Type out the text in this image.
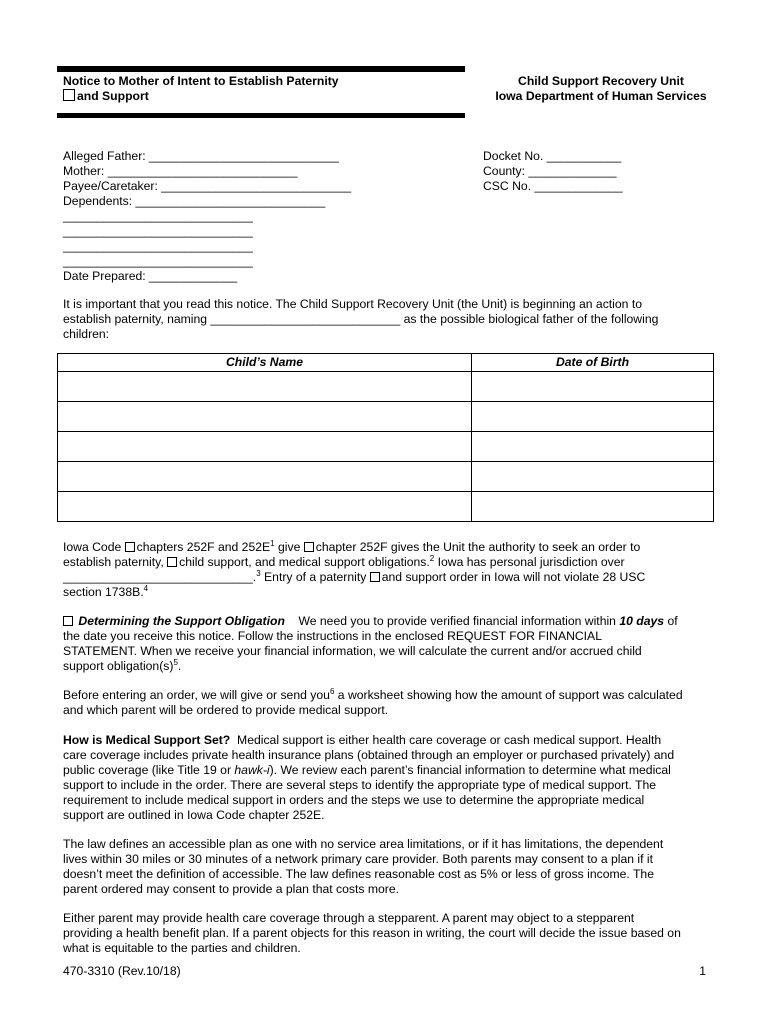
Notice to Mother of Intent to Establish Paternity
and Support
Child Support Recovery Unit
Iowa Department of Human Services
Alleged Father: ____________________________
Mother: ____________________________
Payee/Caretaker: ____________________________
Dependents: ____________________________
____________________________
____________________________
____________________________
____________________________
Date Prepared: _____________
Docket No. ___________
County: _____________
CSC No. _____________
It is important that you read this notice. The Child Support Recovery Unit (the Unit) is beginning an action to
establish paternity, naming ____________________________ as the possible biological father of the following
children:
Child’s Name	Date of Birth

Iowa Code chapters 252F and $252E^1$ give chapter 252F gives the Unit the authority to seek an order to
establish paternity, child support, and medical support obligations.$^2$ Iowa has personal jurisdiction over
____________________________.$^3$ Entry of a paternity and support order in Iowa will not violate 28 USC
section 1738B.$^4$
Determining the Support Obligation We need you to provide verified financial information within 10 days of
the date you receive this notice. Follow the instructions in the enclosed REQUEST FOR FINANCIAL
STATEMENT. When we receive your financial information, we will calculate the current and/or accrued child
support $obligation(s)^5$.
Before entering an order, we will give or send you$^6$ a worksheet showing how the amount of support was calculated
and which parent will be ordered to provide medical support.
How is Medical Support Set? Medical support is either health care coverage or cash medical support. Health
care coverage includes private health insurance plans (obtained through an employer or purchased privately) and
public coverage (like Title 19 or hawk-i). We review each parent’s financial information to determine what medical
support to include in the order. There are several steps to identify the appropriate type of medical support. The
requirement to include medical support in orders and the steps we use to determine the appropriate medical
support are outlined in Iowa Code chapter 252E.
The law defines an accessible plan as one with no service area limitations, or if it has limitations, the dependent
lives within 30 miles or 30 minutes of a network primary care provider. Both parents may consent to a plan if it
doesn’t meet the definition of accessible. The law defines reasonable cost as 5% or less of gross income. The
parent ordered may consent to provide a plan that costs more.
Either parent may provide health care coverage through a stepparent. A parent may object to a stepparent
providing a health benefit plan. If a parent objects for this reason in writing, the court will decide the issue based on
what is equitable to the parties and children.
470-3310 (Rev.10/18)	1
